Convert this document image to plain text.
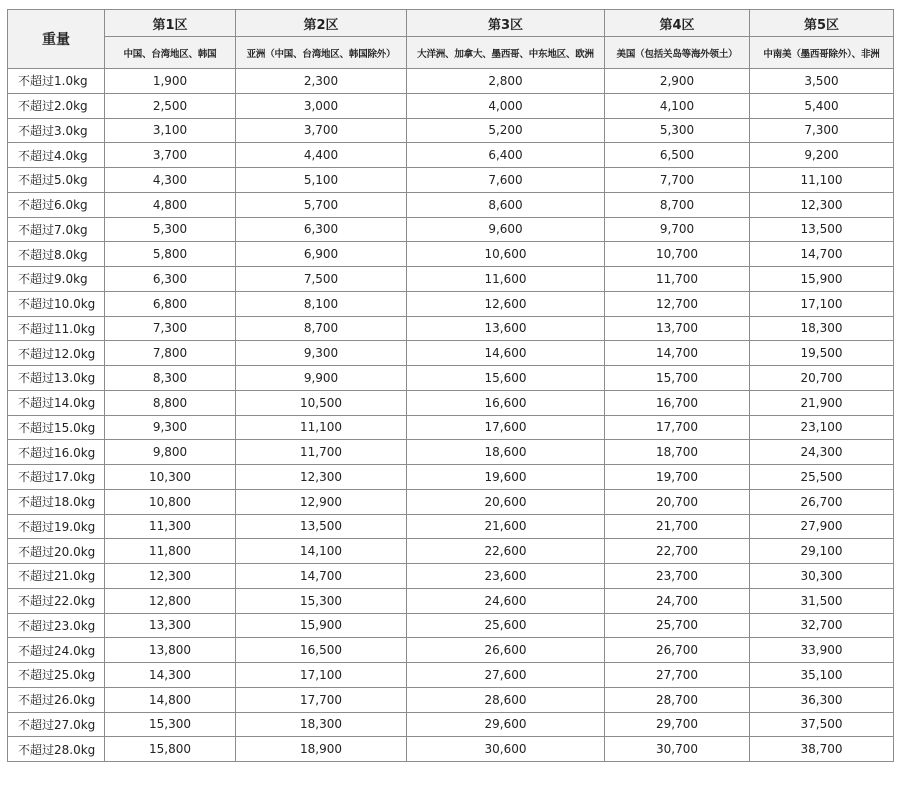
重量	第1区	第2区	第3区	第4区	第5区
	中国、台湾地区、韩国	亚洲（中国、台湾地区、韩国除外）	大洋洲、加拿大、墨西哥、中东地区、欧洲	美国（包括关岛等海外领土）	中南美（墨西哥除外）、非洲
不超过1.0kg	1,900	2,300	2,800	2,900	3,500
不超过2.0kg	2,500	3,000	4,000	4,100	5,400
不超过3.0kg	3,100	3,700	5,200	5,300	7,300
不超过4.0kg	3,700	4,400	6,400	6,500	9,200
不超过5.0kg	4,300	5,100	7,600	7,700	11,100
不超过6.0kg	4,800	5,700	8,600	8,700	12,300
不超过7.0kg	5,300	6,300	9,600	9,700	13,500
不超过8.0kg	5,800	6,900	10,600	10,700	14,700
不超过9.0kg	6,300	7,500	11,600	11,700	15,900
不超过10.0kg	6,800	8,100	12,600	12,700	17,100
不超过11.0kg	7,300	8,700	13,600	13,700	18,300
不超过12.0kg	7,800	9,300	14,600	14,700	19,500
不超过13.0kg	8,300	9,900	15,600	15,700	20,700
不超过14.0kg	8,800	10,500	16,600	16,700	21,900
不超过15.0kg	9,300	11,100	17,600	17,700	23,100
不超过16.0kg	9,800	11,700	18,600	18,700	24,300
不超过17.0kg	10,300	12,300	19,600	19,700	25,500
不超过18.0kg	10,800	12,900	20,600	20,700	26,700
不超过19.0kg	11,300	13,500	21,600	21,700	27,900
不超过20.0kg	11,800	14,100	22,600	22,700	29,100
不超过21.0kg	12,300	14,700	23,600	23,700	30,300
不超过22.0kg	12,800	15,300	24,600	24,700	31,500
不超过23.0kg	13,300	15,900	25,600	25,700	32,700
不超过24.0kg	13,800	16,500	26,600	26,700	33,900
不超过25.0kg	14,300	17,100	27,600	27,700	35,100
不超过26.0kg	14,800	17,700	28,600	28,700	36,300
不超过27.0kg	15,300	18,300	29,600	29,700	37,500
不超过28.0kg	15,800	18,900	30,600	30,700	38,700
